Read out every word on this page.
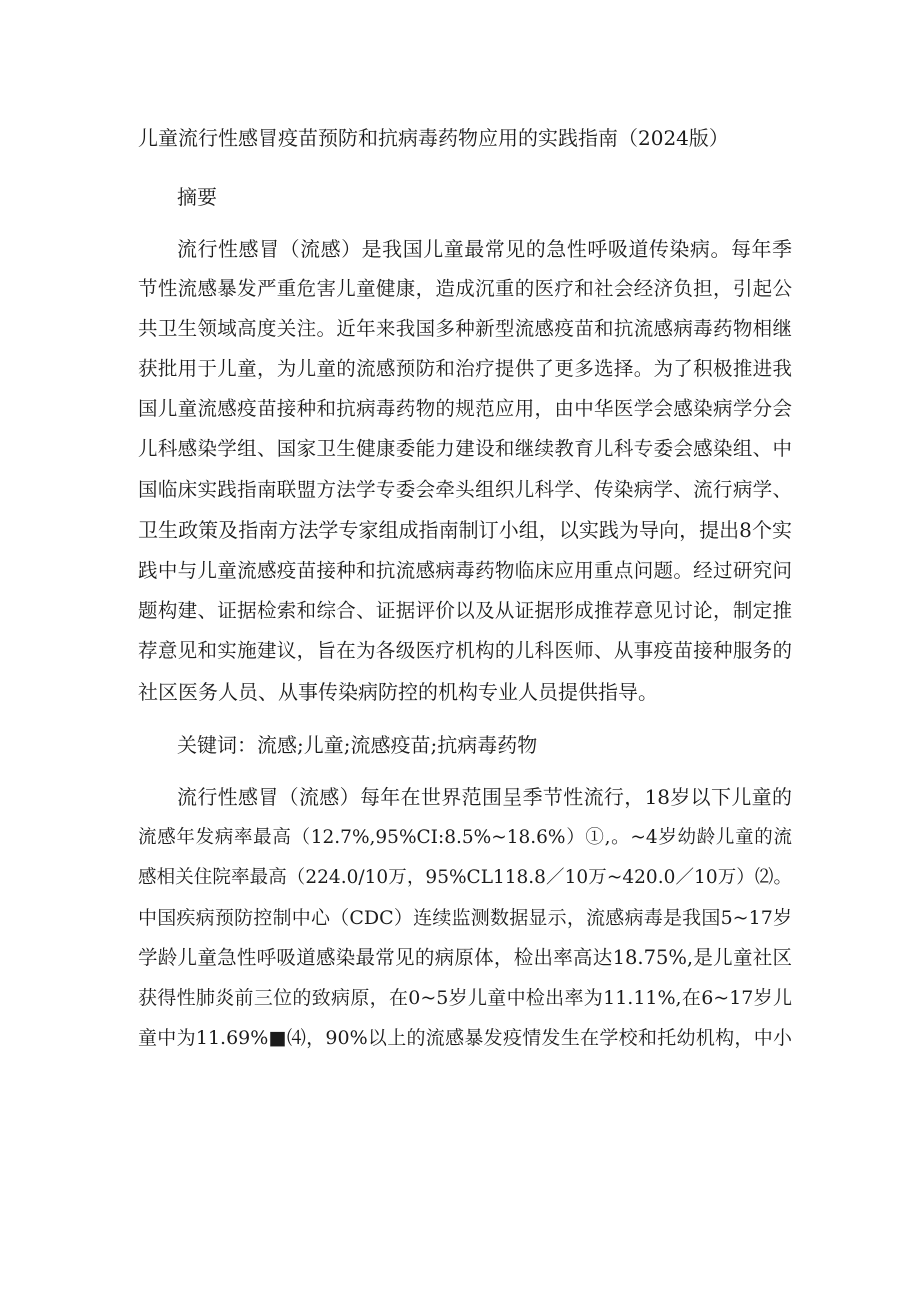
儿童流行性感冒疫苗预防和抗病毒药物应用的实践指南（2024版）
摘要
流行性感冒（流感）是我国儿童最常见的急性呼吸道传染病。每年季
节性流感暴发严重危害儿童健康，造成沉重的医疗和社会经济负担，引起公
共卫生领域高度关注。近年来我国多种新型流感疫苗和抗流感病毒药物相继
获批用于儿童，为儿童的流感预防和治疗提供了更多选择。为了积极推进我
国儿童流感疫苗接种和抗病毒药物的规范应用，由中华医学会感染病学分会
儿科感染学组、国家卫生健康委能力建设和继续教育儿科专委会感染组、中
国临床实践指南联盟方法学专委会牵头组织儿科学、传染病学、流行病学、
卫生政策及指南方法学专家组成指南制订小组，以实践为导向，提出8个实
践中与儿童流感疫苗接种和抗流感病毒药物临床应用重点问题。经过研究问
题构建、证据检索和综合、证据评价以及从证据形成推荐意见讨论，制定推
荐意见和实施建议，旨在为各级医疗机构的儿科医师、从事疫苗接种服务的
社区医务人员、从事传染病防控的机构专业人员提供指导。
关键词：流感;儿童;流感疫苗;抗病毒药物
流行性感冒（流感）每年在世界范围呈季节性流行，18岁以下儿童的
流感年发病率最高（12.7%,95%CI:8.5%~18.6%）①,。~4岁幼龄儿童的流
感相关住院率最高（224.0/10万，95%CL118.8／10万~420.0／10万）⑵。
中国疾病预防控制中心（CDC）连续监测数据显示，流感病毒是我国5~17岁
学龄儿童急性呼吸道感染最常见的病原体，检出率高达18.75%,是儿童社区
获得性肺炎前三位的致病原，在0~5岁儿童中检出率为11.11%,在6~17岁儿
童中为11.69%■⑷，90%以上的流感暴发疫情发生在学校和托幼机构，中小
